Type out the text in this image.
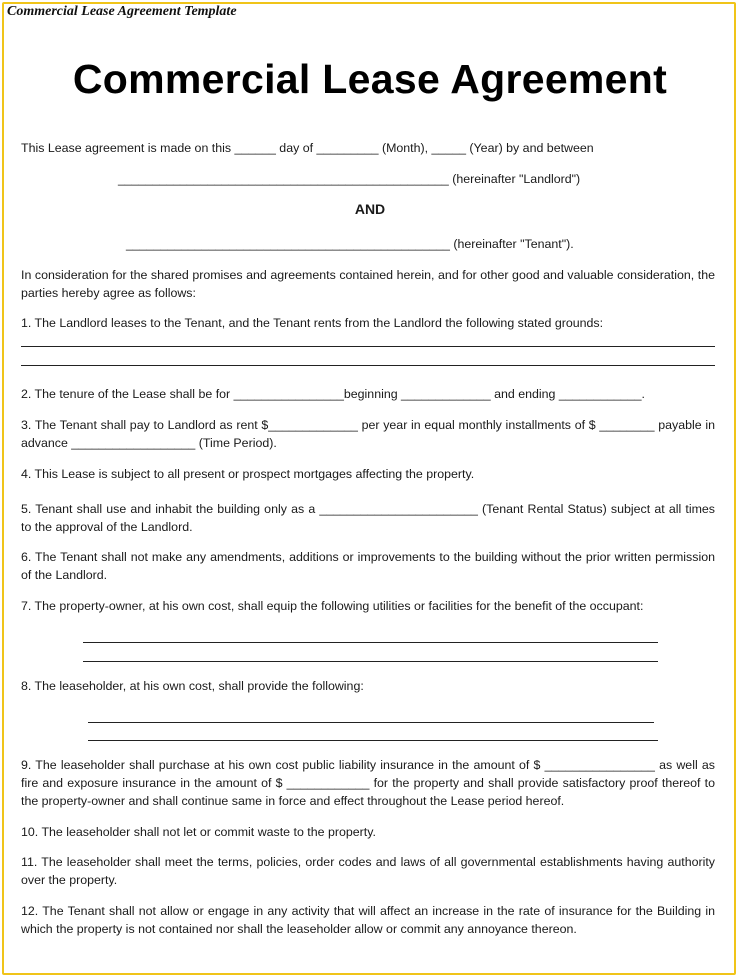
Commercial Lease Agreement Template
Commercial Lease Agreement
This Lease agreement is made on this ______ day of _________ (Month), _____ (Year) by and between
________________________________________________ (hereinafter "Landlord")
AND
_______________________________________________ (hereinafter "Tenant").
In consideration for the shared promises and agreements contained herein, and for other good and valuable consideration, the parties hereby agree as follows:
1. The Landlord leases to the Tenant, and the Tenant rents from the Landlord the following stated grounds:
2. The tenure of the Lease shall be for ________________beginning _____________ and ending ____________.
3. The Tenant shall pay to Landlord as rent $_____________ per year in equal monthly installments of $ ________ payable in advance __________________ (Time Period).
4. This Lease is subject to all present or prospect mortgages affecting the property.
5. Tenant shall use and inhabit the building only as a _______________________ (Tenant Rental Status) subject at all times to the approval of the Landlord.
6. The Tenant shall not make any amendments, additions or improvements to the building without the prior written permission of the Landlord.
7. The property-owner, at his own cost, shall equip the following utilities or facilities for the benefit of the occupant:
8. The leaseholder, at his own cost, shall provide the following:
9. The leaseholder shall purchase at his own cost public liability insurance in the amount of $ ________________ as well as fire and exposure insurance in the amount of $ ____________ for the property and shall provide satisfactory proof thereof to the property-owner and shall continue same in force and effect throughout the Lease period hereof.
10. The leaseholder shall not let or commit waste to the property.
11. The leaseholder shall meet the terms, policies, order codes and laws of all governmental establishments having authority over the property.
12. The Tenant shall not allow or engage in any activity that will affect an increase in the rate of insurance for the Building in which the property is not contained nor shall the leaseholder allow or commit any annoyance thereon.
